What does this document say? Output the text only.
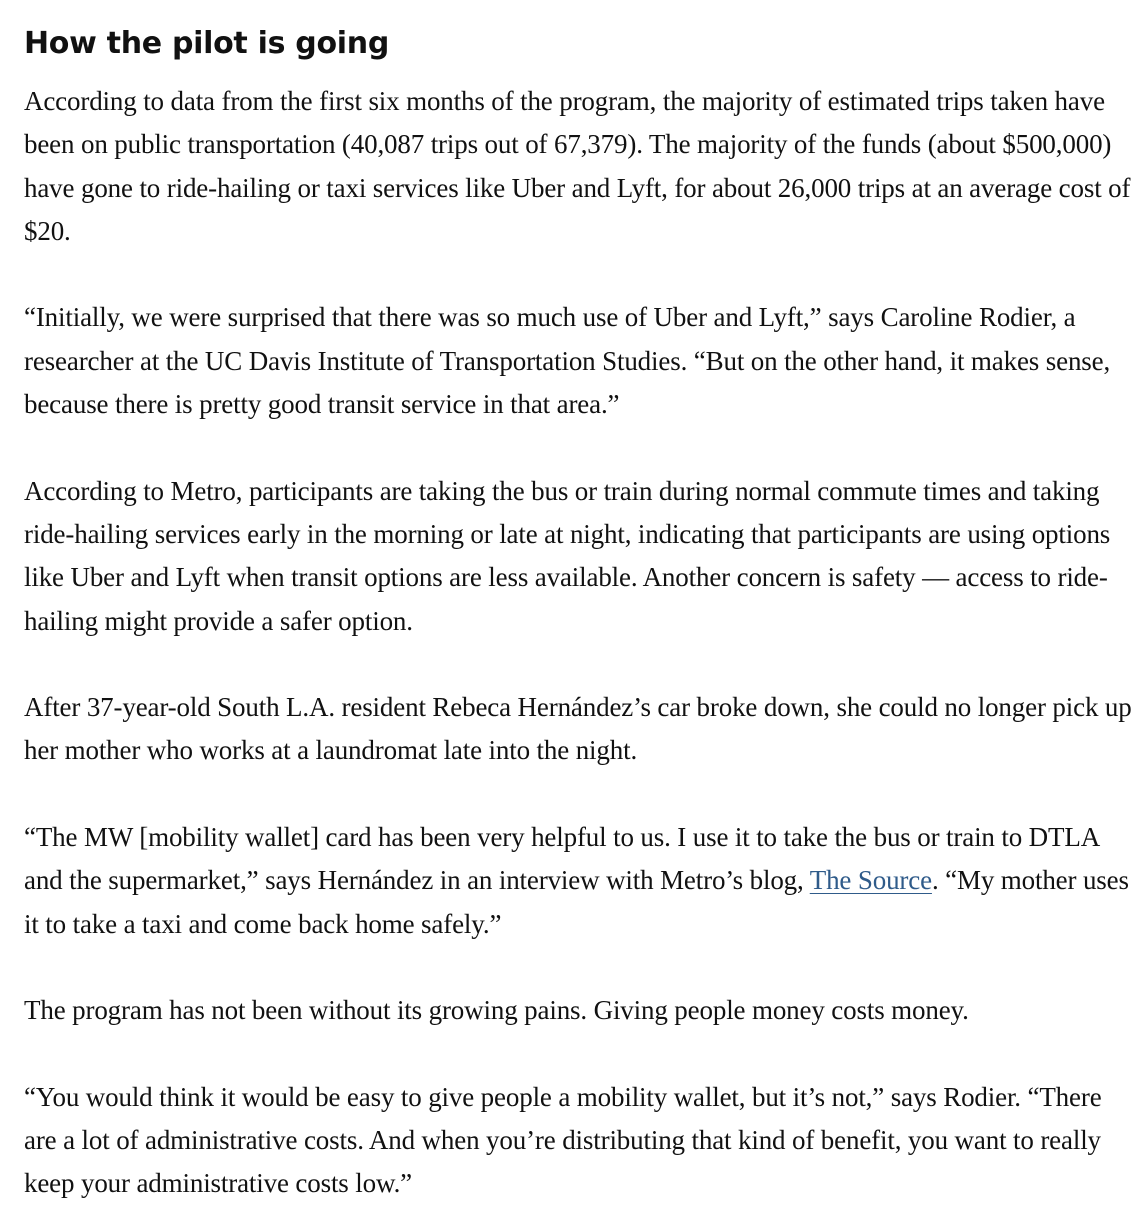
How the pilot is going

According to data from the first six months of the program, the majority of estimated trips taken have been on public transportation (40,087 trips out of 67,379). The majority of the funds (about $500,000) have gone to ride-hailing or taxi services like Uber and Lyft, for about 26,000 trips at an average cost of $20.

“Initially, we were surprised that there was so much use of Uber and Lyft,” says Caroline Rodier, a researcher at the UC Davis Institute of Transportation Studies. “But on the other hand, it makes sense, because there is pretty good transit service in that area.”

According to Metro, participants are taking the bus or train during normal commute times and taking ride-hailing services early in the morning or late at night, indicating that participants are using options like Uber and Lyft when transit options are less available. Another concern is safety — access to ride-hailing might provide a safer option.

After 37-year-old South L.A. resident Rebeca Hernández’s car broke down, she could no longer pick up her mother who works at a laundromat late into the night.

“The MW [mobility wallet] card has been very helpful to us. I use it to take the bus or train to DTLA and the supermarket,” says Hernández in an interview with Metro’s blog, The Source. “My mother uses it to take a taxi and come back home safely.”

The program has not been without its growing pains. Giving people money costs money.

“You would think it would be easy to give people a mobility wallet, but it’s not,” says Rodier. “There are a lot of administrative costs. And when you’re distributing that kind of benefit, you want to really keep your administrative costs low.”
